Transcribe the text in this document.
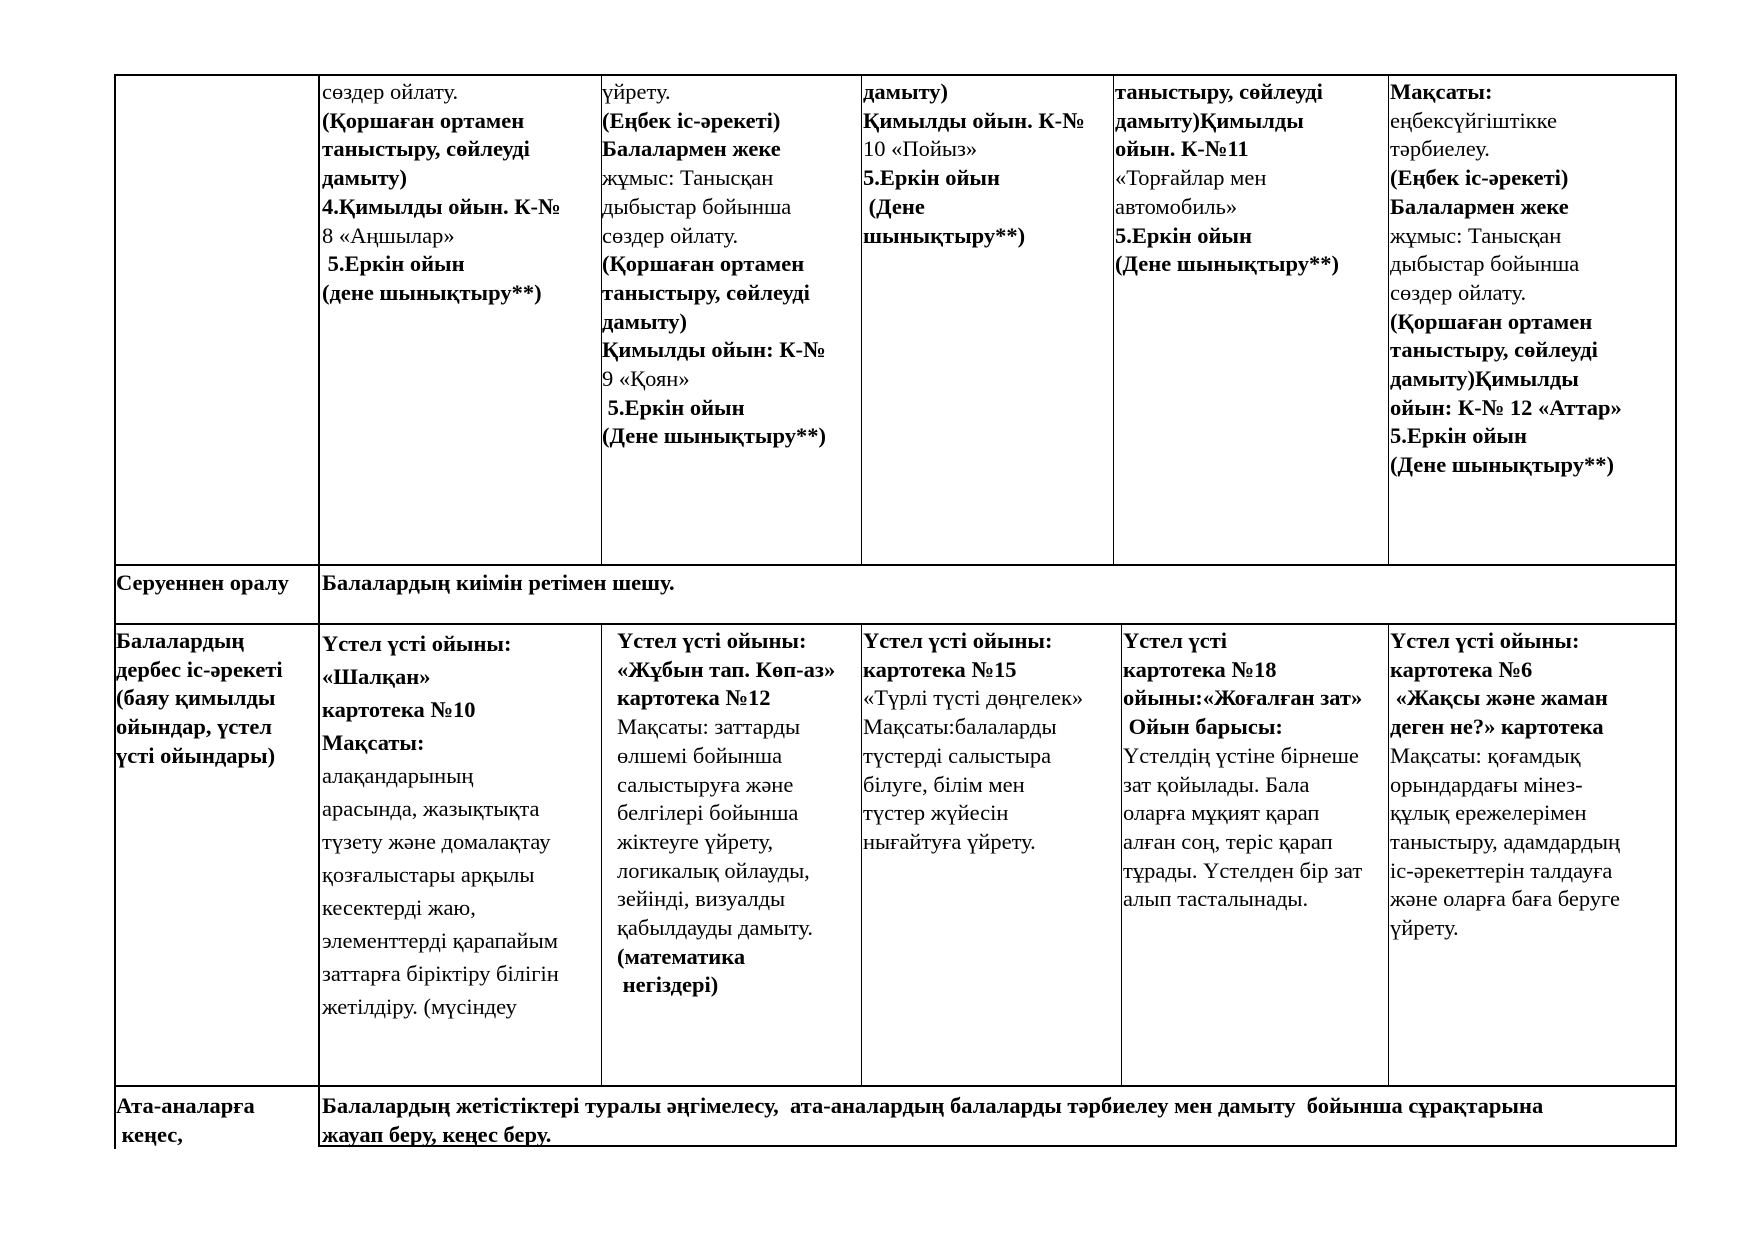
сөздер ойлату.
(Қоршаған ортамен
таныстыру, сөйлеуді
дамыту)
4.Қимылды ойын. К-№
8 «Аңшылар»
5.Еркін ойын
(дене шынықтыру**)
үйрету.
(Еңбек іс-әрекеті)
Балалармен жеке
жұмыс: Танысқан
дыбыстар бойынша
сөздер ойлату.
(Қоршаған ортамен
таныстыру, сөйлеуді
дамыту)
Қимылды ойын: К-№
9 «Қоян»
5.Еркін ойын
(Дене шынықтыру**)
дамыту)
Қимылды ойын. К-№
10 «Пойыз»
5.Еркін ойын
(Дене
шынықтыру**)
таныстыру, сөйлеуді
дамыту)Қимылды
ойын. К-№11
«Торғайлар мен
автомобиль»
5.Еркін ойын
(Дене шынықтыру**)
Мақсаты:
еңбексүйгіштікке
тәрбиелеу.
(Еңбек іс-әрекеті)
Балалармен жеке
жұмыс: Танысқан
дыбыстар бойынша
сөздер ойлату.
(Қоршаған ортамен
таныстыру, сөйлеуді
дамыту)Қимылды
ойын: К-№ 12 «Аттар»
5.Еркін ойын
(Дене шынықтыру**)
Серуеннен оралу Балалардың киімін ретімен шешу.
Балалардың
дербес іс-әрекеті
(баяу қимылды
ойындар, үстел
үсті ойындары)
Үстел үсті ойыны:
«Шалқан»
картотека №10
Мақсаты:
алақандарының
арасында, жазықтықта
түзету және домалақтау
қозғалыстары арқылы
кесектерді жаю,
элементтерді қарапайым
заттарға біріктіру білігін
жетілдіру. (мүсіндеу
Үстел үсті ойыны:
«Жұбын тап. Көп-аз»
картотека №12
Мақсаты: заттарды
өлшемі бойынша
салыстыруға және
белгілері бойынша
жіктеуге үйрету,
логикалық ойлауды,
зейінді, визуалды
қабылдауды дамыту.
(математика
негіздері)
Үстел үсті ойыны:
картотека №15
«Түрлі түсті дөңгелек»
Мақсаты:балаларды
түстерді салыстыра
білуге, білім мен
түстер жүйесін
нығайтуға үйрету.
Үстел үсті
картотека №18
ойыны:«Жоғалған зат»
Ойын барысы:
Үстелдің үстіне бірнеше
зат қойылады. Бала
оларға мұқият қарап
алған соң, теріс қарап
тұрады. Үстелден бір зат
алып тасталынады.
Үстел үсті ойыны:
картотека №6
«Жақсы және жаман
деген не?» картотека
Мақсаты: қоғамдық
орындардағы мінез-
құлық ережелерімен
таныстыру, адамдардың
іс-әрекеттерін талдауға
және оларға баға беруге
үйрету.
Ата-аналарға
кеңес,
Балалардың жетістіктері туралы әңгімелесу,  ата-аналардың балаларды тәрбиелеу мен дамыту  бойынша сұрақтарына
жауап беру, кеңес беру.
